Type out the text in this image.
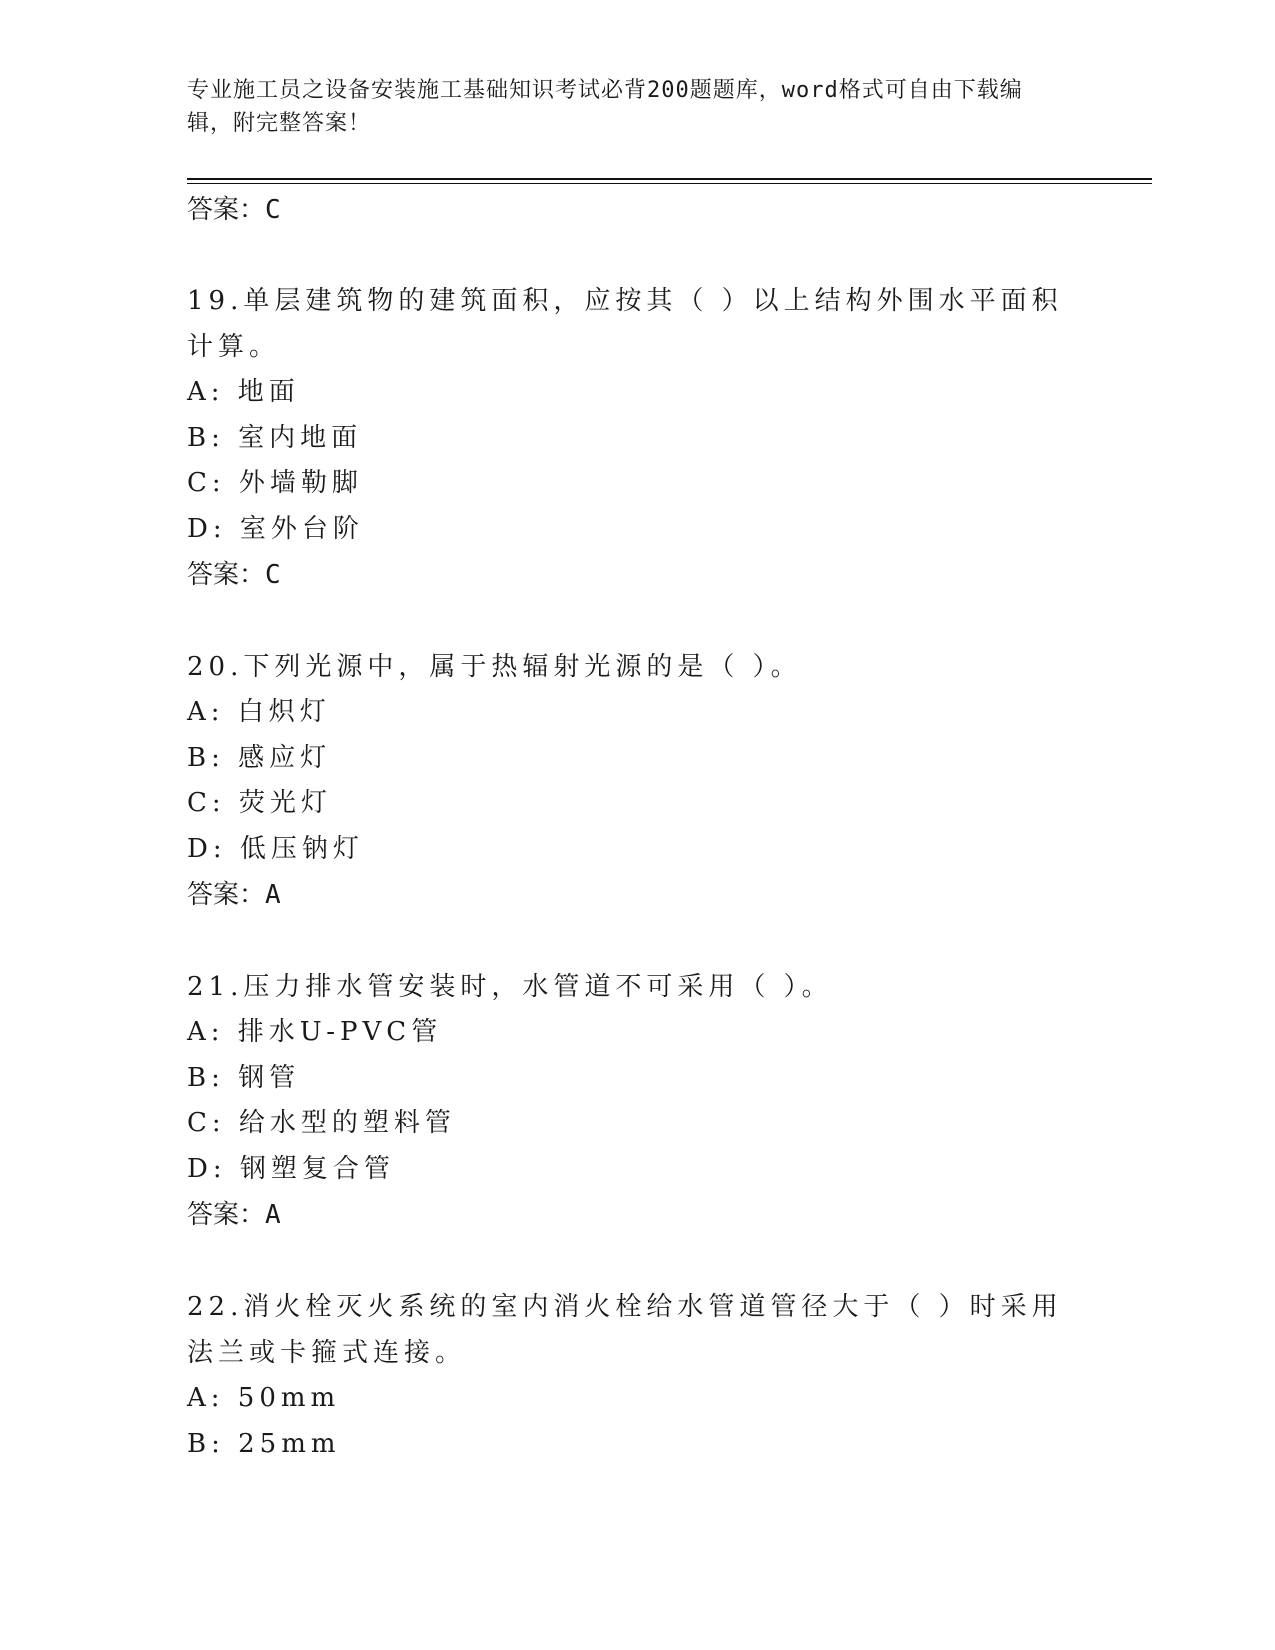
专业施工员之设备安装施工基础知识考试必背200题题库，word格式可自由下载编辑，附完整答案！
答案：C

19.单层建筑物的建筑面积，应按其（ ）以上结构外围水平面积计算。

A: 地面

B: 室内地面

C: 外墙勒脚

D: 室外台阶

答案：C

20.下列光源中，属于热辐射光源的是（ ）。

A: 白炽灯

B: 感应灯

C: 荧光灯

D: 低压钠灯

答案：A

21.压力排水管安装时，水管道不可采用（ ）。

A: 排水U-PVC管

B: 钢管

C: 给水型的塑料管

D: 钢塑复合管

答案：A

22.消火栓灭火系统的室内消火栓给水管道管径大于（ ）时采用法兰或卡箍式连接。

A: 50mm

B: 25mm
